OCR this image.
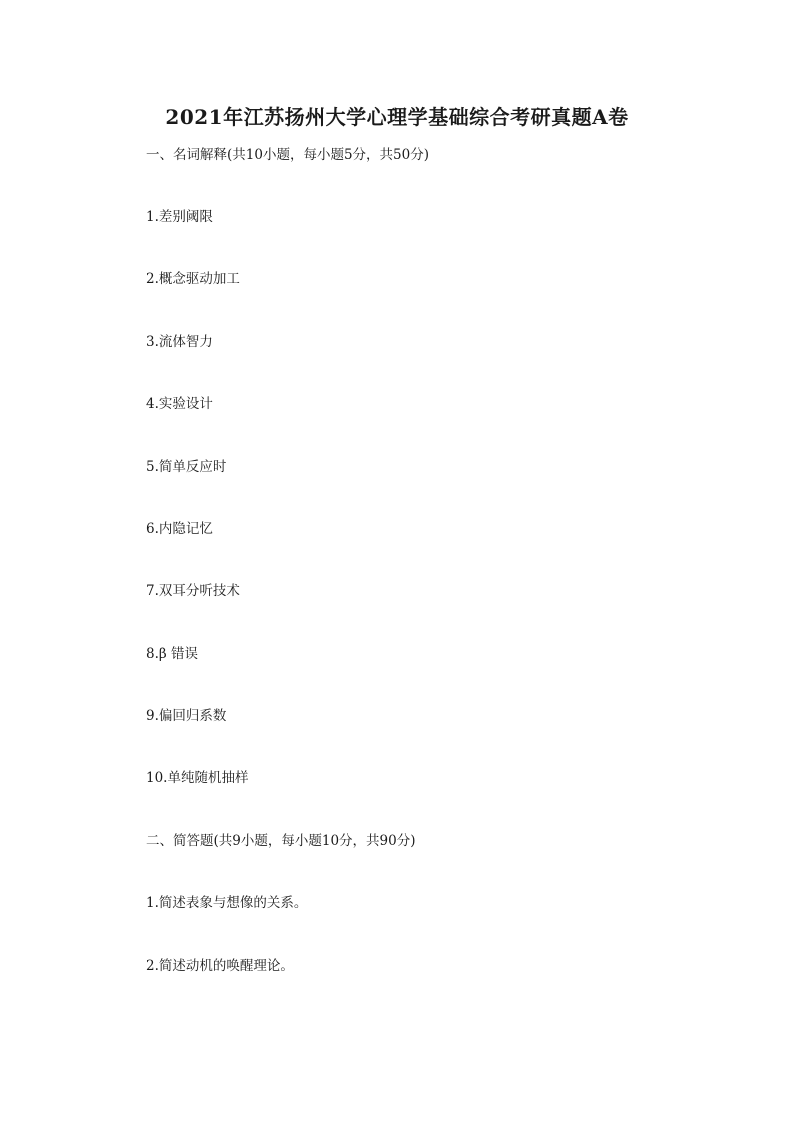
2021年江苏扬州大学心理学基础综合考研真题A卷
一、名词解释(共10小题，每小题5分，共50分)
1.差别阈限
2.概念驱动加工
3.流体智力
4.实验设计
5.简单反应时
6.内隐记忆
7.双耳分听技术
8.β 错误
9.偏回归系数
10.单纯随机抽样
二、简答题(共9小题，每小题10分，共90分)
1.简述表象与想像的关系。
2.简述动机的唤醒理论。
